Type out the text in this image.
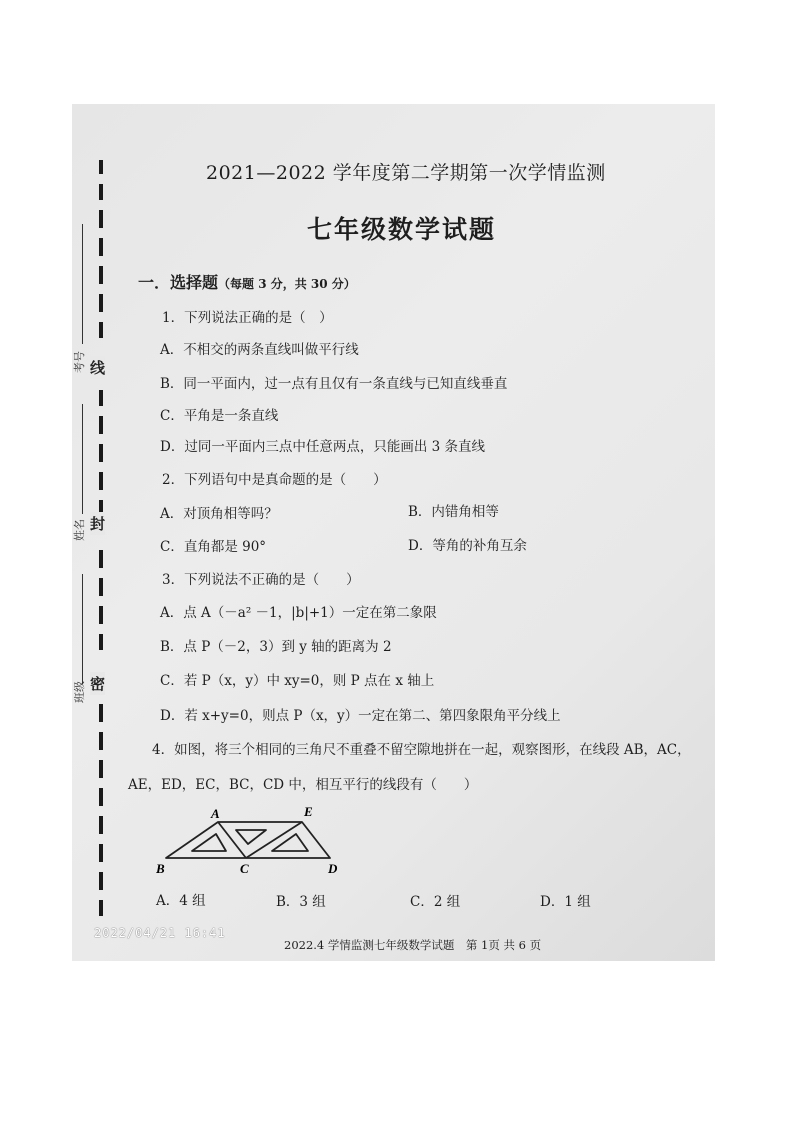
线
封
密
考号
姓名
班级
2021—2022 学年度第二学期第一次学情监测
七年级数学试题
一．选择题（每题 3 分，共 30 分）
1．下列说法正确的是（　）
A．不相交的两条直线叫做平行线
B．同一平面内，过一点有且仅有一条直线与已知直线垂直
C．平角是一条直线
D．过同一平面内三点中任意两点，只能画出 3 条直线
2．下列语句中是真命题的是（　　）
A．对顶角相等吗？	B．内错角相等
C．直角都是 90°	D．等角的补角互余
3．下列说法不正确的是（　　）
A．点 A（－a² －1，|b|+1）一定在第二象限
B．点 P（－2，3）到 y 轴的距离为 2
C．若 P（x，y）中 xy=0，则 P 点在 x 轴上
D．若 x+y=0，则点 P（x，y）一定在第二、第四象限角平分线上
4．如图，将三个相同的三角尺不重叠不留空隙地拼在一起，观察图形，在线段 AB，AC，
AE，ED，EC，BC，CD 中，相互平行的线段有（　　）
A	E
B	C	D
A．4 组	B．3 组	C．2 组	D．1 组
2022/04/21 16:41
2022.4 学情监测七年级数学试题　第 1页 共 6 页
